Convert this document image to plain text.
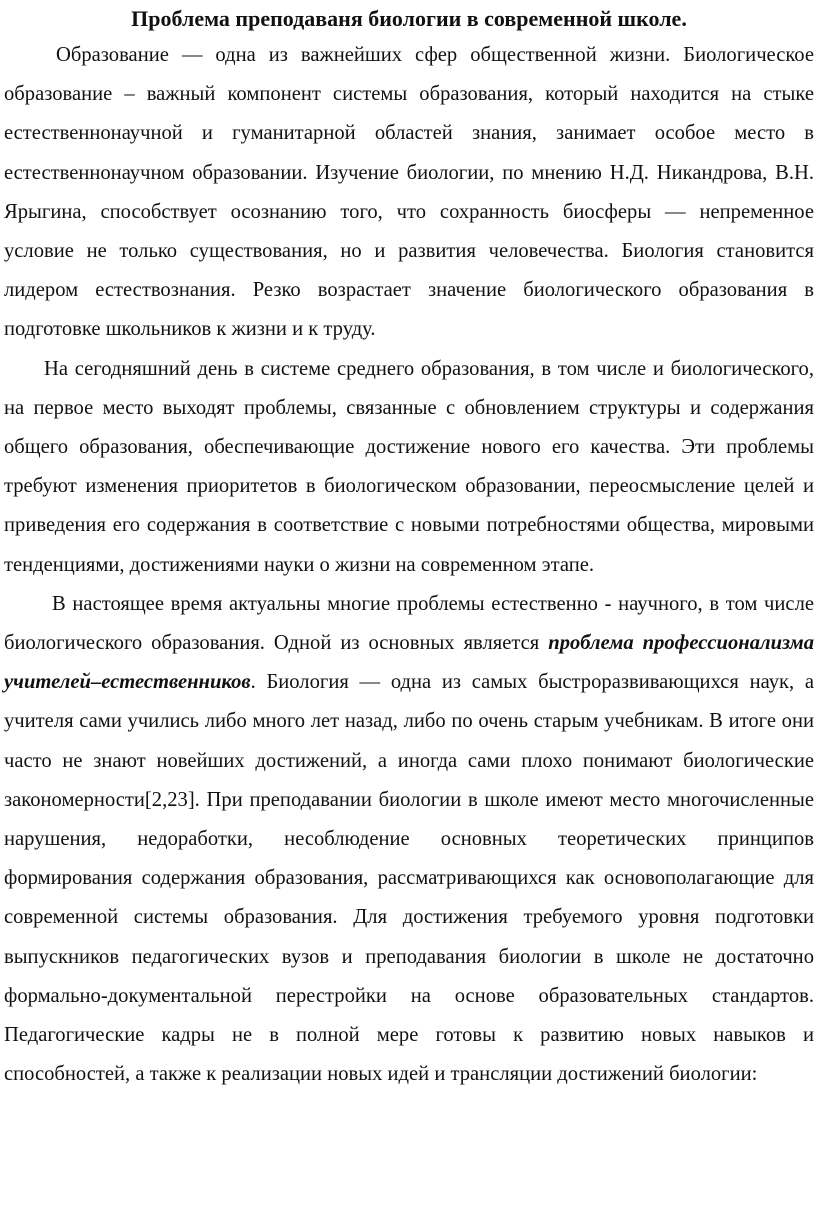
Проблема преподаваня биологии в современной школе.

Образование — одна из важнейших сфер общественной жизни. Биологическое образование – важный компонент системы образования, который находится на стыке естественнонаучной и гуманитарной областей знания, занимает особое место в естественнонаучном образовании. Изучение биологии, по мнению Н.Д. Никандрова, В.Н. Ярыгина, способствует осознанию того, что сохранность биосферы — непременное условие не только существования, но и развития человечества. Биология становится лидером естествознания. Резко возрастает значение биологического образования в подготовке школьников к жизни и к труду.

На сегодняшний день в системе среднего образования, в том числе и биологического, на первое место выходят проблемы, связанные с обновлением структуры и содержания общего образования, обеспечивающие достижение нового его качества. Эти проблемы требуют изменения приоритетов в биологическом образовании, переосмысление целей и приведения его содержания в соответствие с новыми потребностями общества, мировыми тенденциями, достижениями науки о жизни на современном этапе.

В настоящее время актуальны многие проблемы естественно - научного, в том числе биологического образования. Одной из основных является проблема профессионализма учителей–естественников. Биология — одна из самых быстроразвивающихся наук, а учителя сами учились либо много лет назад, либо по очень старым учебникам. В итоге они часто не знают новейших достижений, а иногда сами плохо понимают биологические закономерности[2,23]. При преподавании биологии в школе имеют место многочисленные нарушения, недоработки, несоблюдение основных теоретических принципов формирования содержания образования, рассматривающихся как основополагающие для современной системы образования. Для достижения требуемого уровня подготовки выпускников педагогических вузов и преподавания биологии в школе не достаточно формально-документальной перестройки на основе образовательных стандартов. Педагогические кадры не в полной мере готовы к развитию новых навыков и способностей, а также к реализации новых идей и трансляции достижений биологии:
